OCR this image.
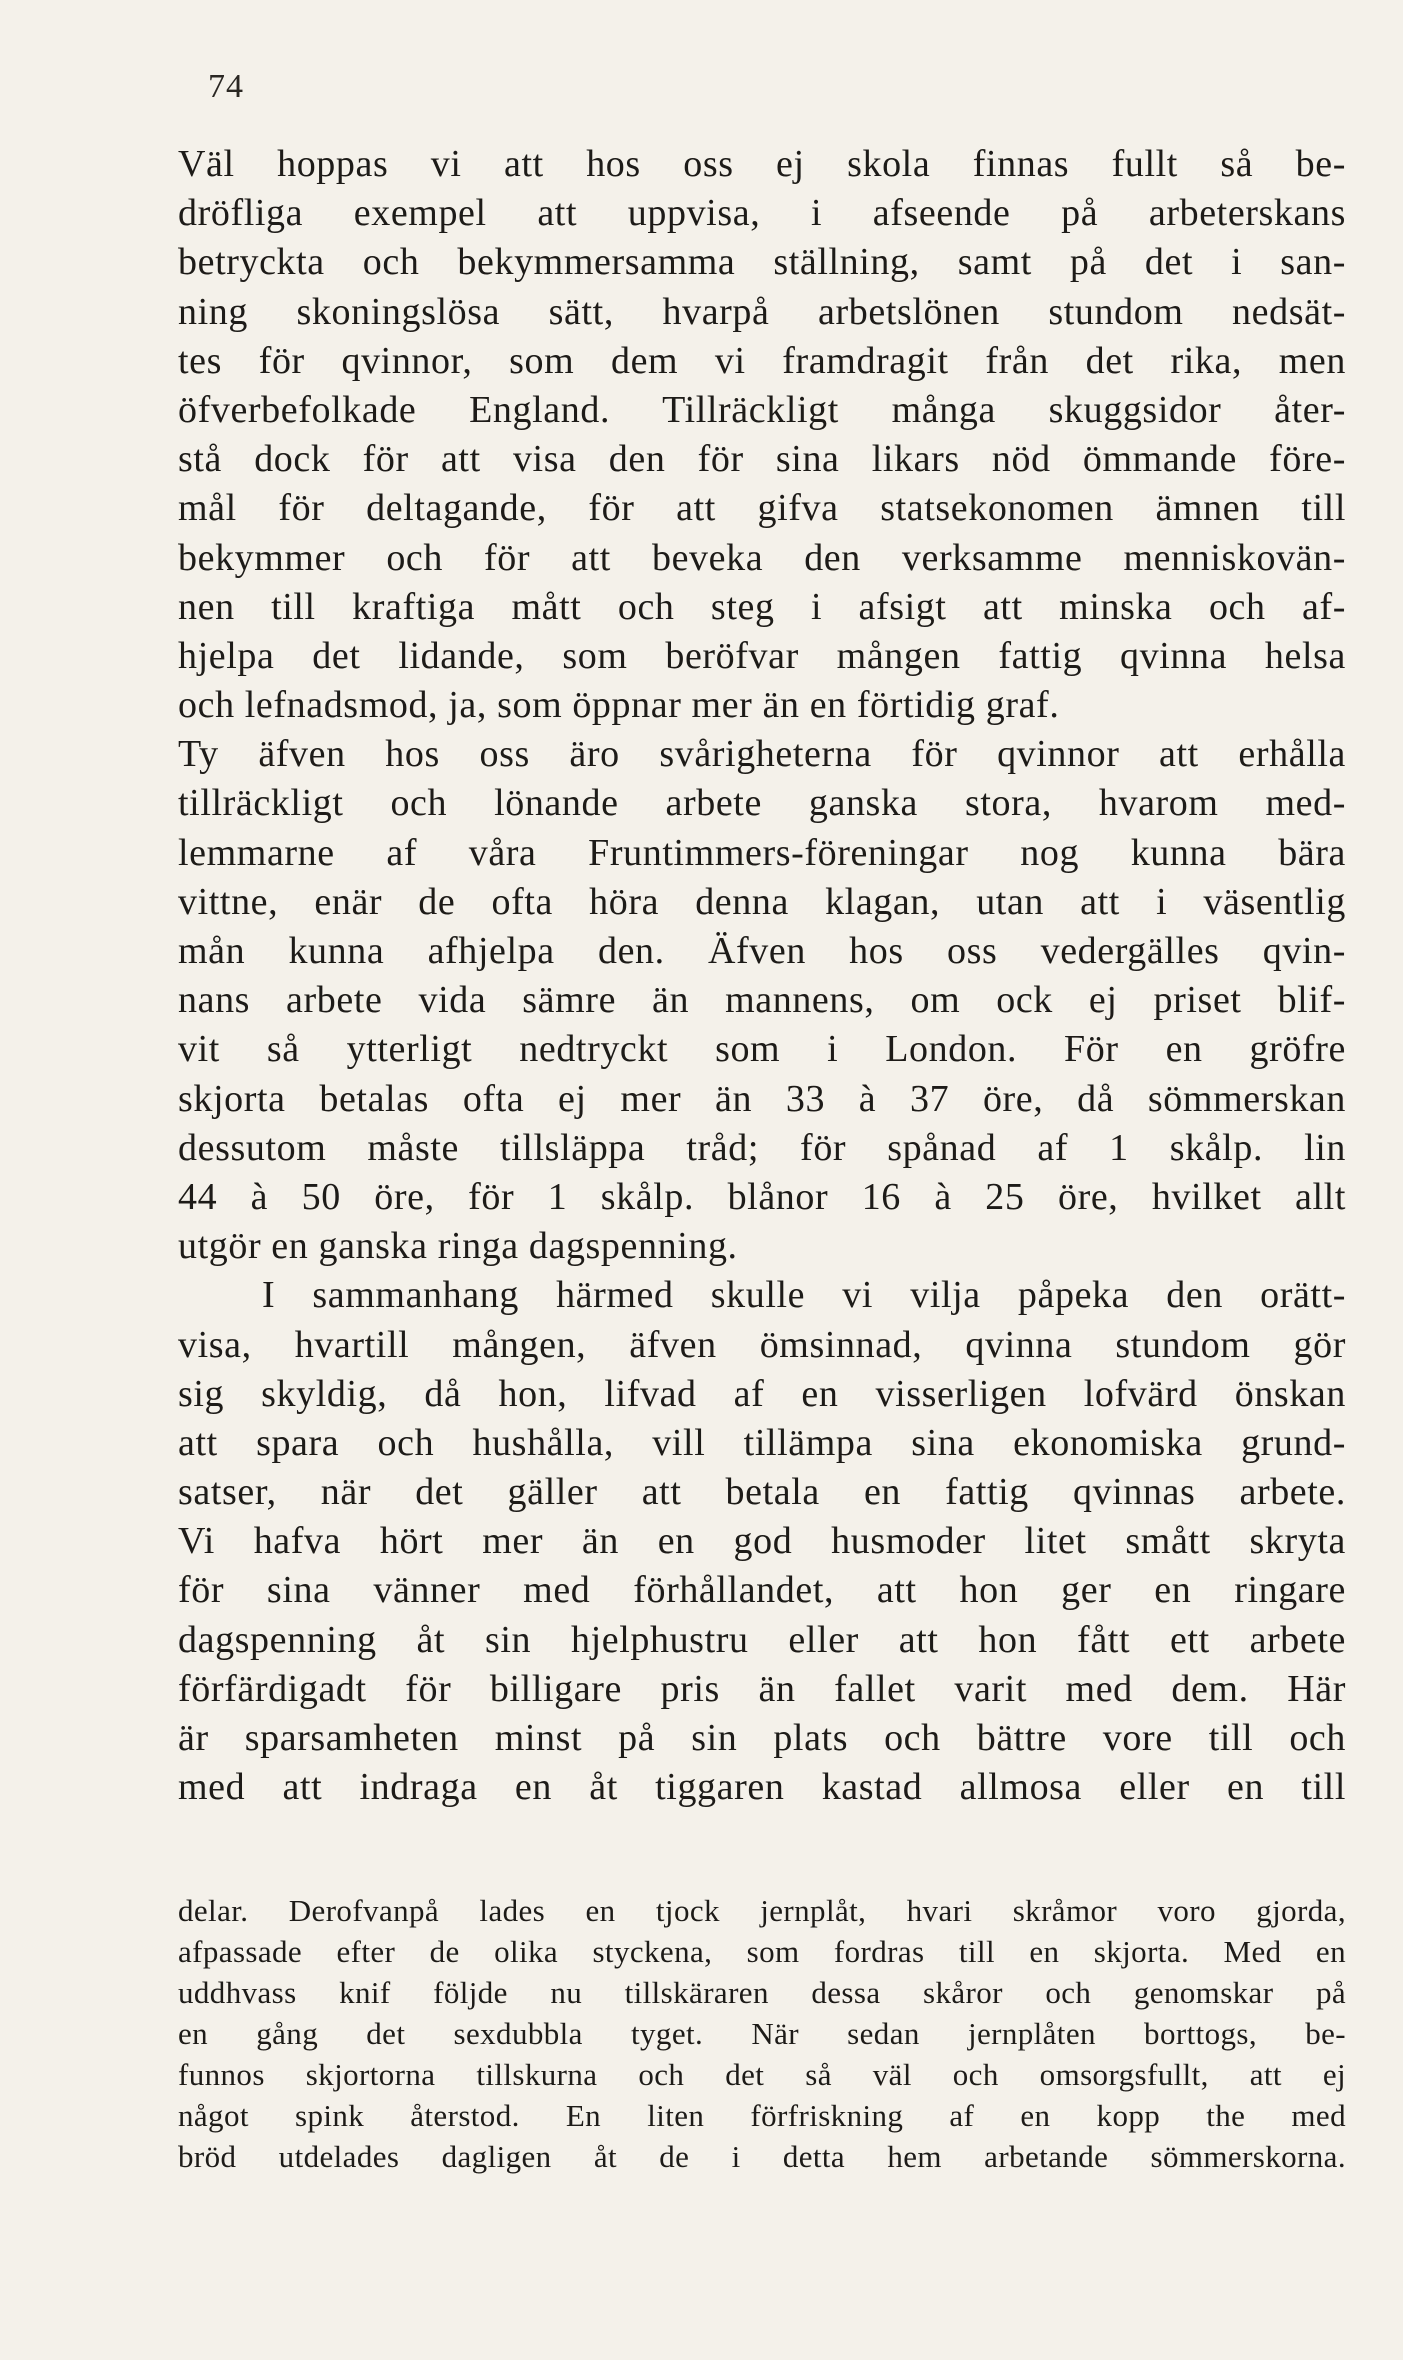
74
Väl hoppas vi att hos oss ej skola finnas fullt så be-
dröfliga exempel att uppvisa, i afseende på arbeterskans
betryckta och bekymmersamma ställning, samt på det i san-
ning skoningslösa sätt, hvarpå arbetslönen stundom nedsät-
tes för qvinnor, som dem vi framdragit från det rika, men
öfverbefolkade England. Tillräckligt många skuggsidor åter-
stå dock för att visa den för sina likars nöd ömmande före-
mål för deltagande, för att gifva statsekonomen ämnen till
bekymmer och för att beveka den verksamme menniskovän-
nen till kraftiga mått och steg i afsigt att minska och af-
hjelpa det lidande, som beröfvar mången fattig qvinna helsa
och lefnadsmod, ja, som öppnar mer än en förtidig graf.
Ty äfven hos oss äro svårigheterna för qvinnor att erhålla
tillräckligt och lönande arbete ganska stora, hvarom med-
lemmarne af våra Fruntimmers-föreningar nog kunna bära
vittne, enär de ofta höra denna klagan, utan att i väsentlig
mån kunna afhjelpa den. Äfven hos oss vedergälles qvin-
nans arbete vida sämre än mannens, om ock ej priset blif-
vit så ytterligt nedtryckt som i London. För en gröfre
skjorta betalas ofta ej mer än 33 à 37 öre, då sömmerskan
dessutom måste tillsläppa tråd; för spånad af 1 skålp. lin
44 à 50 öre, för 1 skålp. blånor 16 à 25 öre, hvilket allt
utgör en ganska ringa dagspenning.
I sammanhang härmed skulle vi vilja påpeka den orätt-
visa, hvartill mången, äfven ömsinnad, qvinna stundom gör
sig skyldig, då hon, lifvad af en visserligen lofvärd önskan
att spara och hushålla, vill tillämpa sina ekonomiska grund-
satser, när det gäller att betala en fattig qvinnas arbete.
Vi hafva hört mer än en god husmoder litet smått skryta
för sina vänner med förhållandet, att hon ger en ringare
dagspenning åt sin hjelphustru eller att hon fått ett arbete
förfärdigadt för billigare pris än fallet varit med dem. Här
är sparsamheten minst på sin plats och bättre vore till och
med att indraga en åt tiggaren kastad allmosa eller en till
delar. Derofvanpå lades en tjock jernplåt, hvari skråmor voro gjorda,
afpassade efter de olika styckena, som fordras till en skjorta. Med en
uddhvass knif följde nu tillskäraren dessa skåror och genomskar på
en gång det sexdubbla tyget. När sedan jernplåten borttogs, be-
funnos skjortorna tillskurna och det så väl och omsorgsfullt, att ej
något spink återstod. En liten förfriskning af en kopp the med
bröd utdelades dagligen åt de i detta hem arbetande sömmerskorna.
